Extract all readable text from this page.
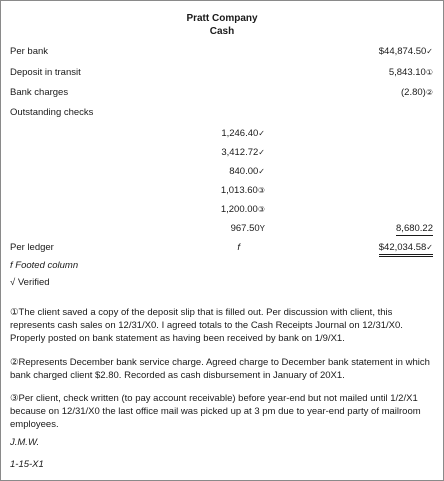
Pratt Company
Cash
Per bank	$44,874.50✓
Deposit in transit	5,843.10①
Bank charges	(2.80)②
Outstanding checks
1,246.40✓
3,412.72✓
840.00✓
1,013.60③
1,200.00③
967.50Y	8,680.22
Per ledger	f	$42,034.58✓
f Footed column
√ Verified
①The client saved a copy of the deposit slip that is filled out. Per discussion with client, this represents cash sales on 12/31/X0. I agreed totals to the Cash Receipts Journal on 12/31/X0. Properly posted on bank statement as having been received by bank on 1/9/X1.
②Represents December bank service charge. Agreed charge to December bank statement in which bank charged client $2.80. Recorded as cash disbursement in January of 20X1.
③Per client, check written (to pay account receivable) before year-end but not mailed until 1/2/X1 because on 12/31/X0 the last office mail was picked up at 3 pm due to year-end party of mailroom employees.
J.M.W.
1-15-X1
